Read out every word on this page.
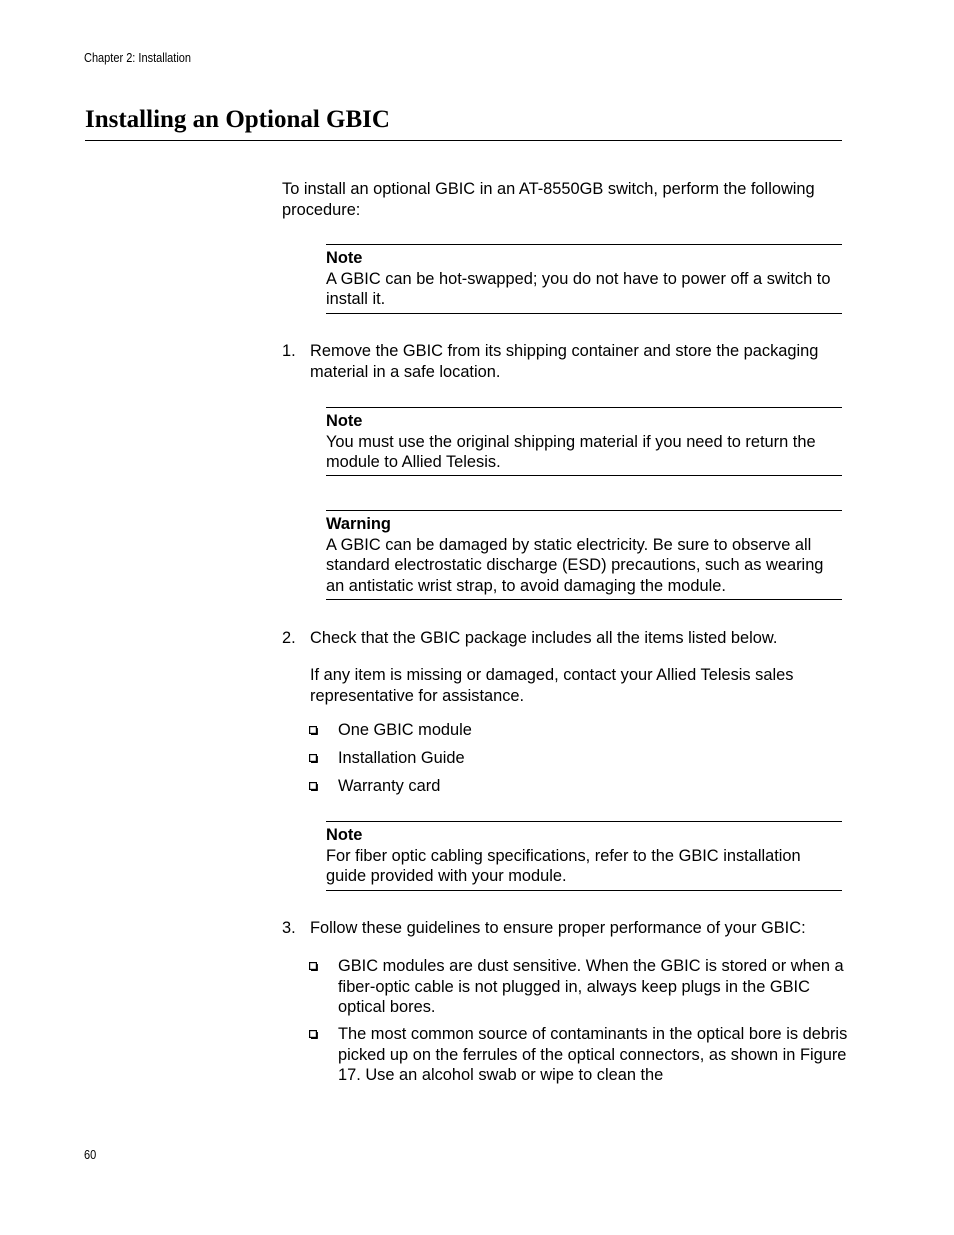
Chapter 2: Installation
Installing an Optional GBIC
To install an optional GBIC in an AT-8550GB switch, perform the following procedure:
Note
A GBIC can be hot-swapped; you do not have to power off a switch to install it.
1. Remove the GBIC from its shipping container and store the packaging material in a safe location.
Note
You must use the original shipping material if you need to return the module to Allied Telesis.
Warning
A GBIC can be damaged by static electricity. Be sure to observe all standard electrostatic discharge (ESD) precautions, such as wearing an antistatic wrist strap, to avoid damaging the module.
2. Check that the GBIC package includes all the items listed below.
If any item is missing or damaged, contact your Allied Telesis sales representative for assistance.
One GBIC module
Installation Guide
Warranty card
Note
For fiber optic cabling specifications, refer to the GBIC installation guide provided with your module.
3. Follow these guidelines to ensure proper performance of your GBIC:
GBIC modules are dust sensitive. When the GBIC is stored or when a fiber-optic cable is not plugged in, always keep plugs in the GBIC optical bores.
The most common source of contaminants in the optical bore is debris picked up on the ferrules of the optical connectors, as shown in Figure 17. Use an alcohol swab or wipe to clean the
60
